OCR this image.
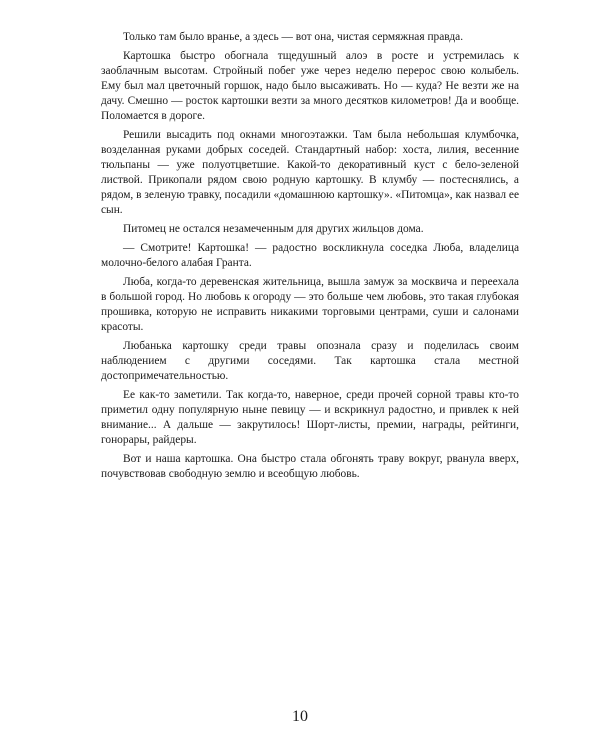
Только там было вранье, а здесь — вот она, чистая сермяжная правда.

Картошка быстро обогнала тщедушный алоэ в росте и устремилась к заоблачным высотам. Стройный побег уже через неделю перерос свою колыбель. Ему был мал цветочный горшок, надо было высаживать. Но — куда? Не везти же на дачу. Смешно — росток картошки везти за много десятков километров! Да и вообще. Поломается в дороге.

Решили высадить под окнами многоэтажки. Там была небольшая клумбочка, возделанная руками добрых соседей. Стандартный набор: хоста, лилия, весенние тюльпаны — уже полуотцветшие. Какой-то декоративный куст с бело-зеленой листвой. Прикопали рядом свою родную картошку. В клумбу — постеснялись, а рядом, в зеленую травку, посадили «домашнюю картошку». «Питомца», как назвал ее сын.

Питомец не остался незамеченным для других жильцов дома.

— Смотрите! Картошка! — радостно воскликнула соседка Люба, владелица молочно-белого алабая Гранта.

Люба, когда-то деревенская жительница, вышла замуж за москвича и переехала в большой город. Но любовь к огороду — это больше чем любовь, это такая глубокая прошивка, которую не исправить никакими торговыми центрами, суши и салонами красоты.

Любанька картошку среди травы опознала сразу и поделилась своим наблюдением с другими соседями. Так картошка стала местной достопримечательностью.

Ее как-то заметили. Так когда-то, наверное, среди прочей сорной травы кто-то приметил одну популярную ныне певицу — и вскрикнул радостно, и привлек к ней внимание... А дальше — закрутилось! Шорт-листы, премии, награды, рейтинги, гонорары, райдеры.

Вот и наша картошка. Она быстро стала обгонять траву вокруг, рванула вверх, почувствовав свободную землю и всеобщую любовь.

10
